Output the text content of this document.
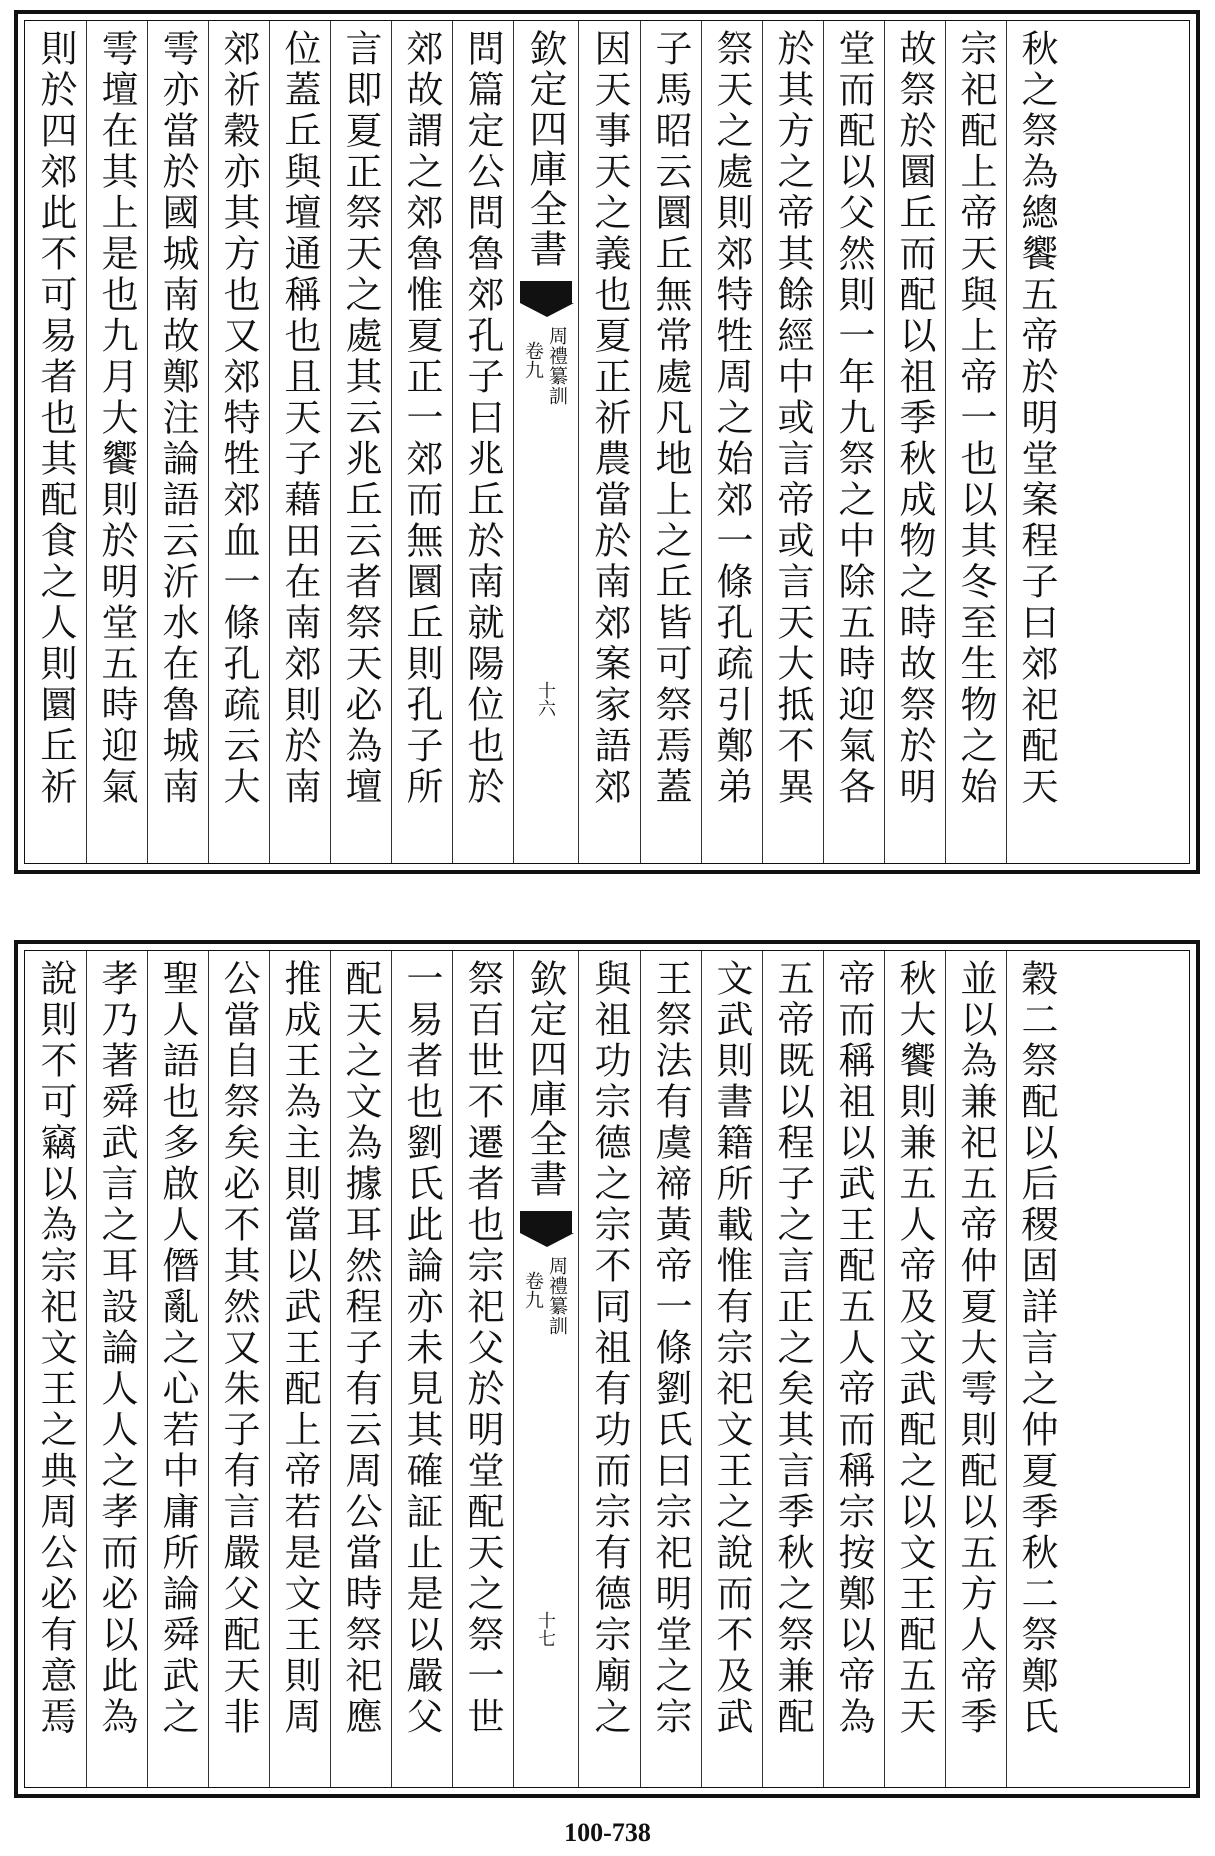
則於四郊此不可易者也其配食之人則圜丘祈 雩壇在其上是也九月大饗則於明堂五時迎氣 雩亦當於國城南故鄭注論語云沂水在魯城南 郊祈穀亦其方也又郊特牲郊血一條孔疏云大 位蓋丘與壇通稱也且天子藉田在南郊則於南 言即夏正祭天之處其云兆丘云者祭天必為壇 郊故謂之郊魯惟夏正一郊而無圜丘則孔子所 問篇定公問魯郊孔子曰兆丘於南就陽位也於 欽定四庫全書
周禮纂訓
卷九
十六 因天事天之義也夏正祈農當於南郊案家語郊 子馬昭云圜丘無常處凡地上之丘皆可祭焉蓋 祭天之處則郊特牲周之始郊一條孔疏引鄭弟 於其方之帝其餘經中或言帝或言天大抵不異 堂而配以父然則一年九祭之中除五時迎氣各 故祭於圜丘而配以祖季秋成物之時故祭於明 宗祀配上帝天與上帝一也以其冬至生物之始 秋之祭為總饗五帝於明堂案程子曰郊祀配天
說則不可竊以為宗祀文王之典周公必有意焉 孝乃著舜武言之耳設論人人之孝而必以此為 聖人語也多啟人僭亂之心若中庸所論舜武之 公當自祭矣必不其然又朱子有言嚴父配天非 推成王為主則當以武王配上帝若是文王則周 配天之文為據耳然程子有云周公當時祭祀應 一易者也劉氏此論亦未見其確証止是以嚴父 祭百世不遷者也宗祀父於明堂配天之祭一世 欽定四庫全書
周禮纂訓
卷九
十七 與祖功宗德之宗不同祖有功而宗有德宗廟之 王祭法有虞禘黃帝一條劉氏曰宗祀明堂之宗 文武則書籍所載惟有宗祀文王之說而不及武 五帝既以程子之言正之矣其言季秋之祭兼配 帝而稱祖以武王配五人帝而稱宗按鄭以帝為 秋大饗則兼五人帝及文武配之以文王配五天 並以為兼祀五帝仲夏大雩則配以五方人帝季 穀二祭配以后稷固詳言之仲夏季秋二祭鄭氏
100-738
